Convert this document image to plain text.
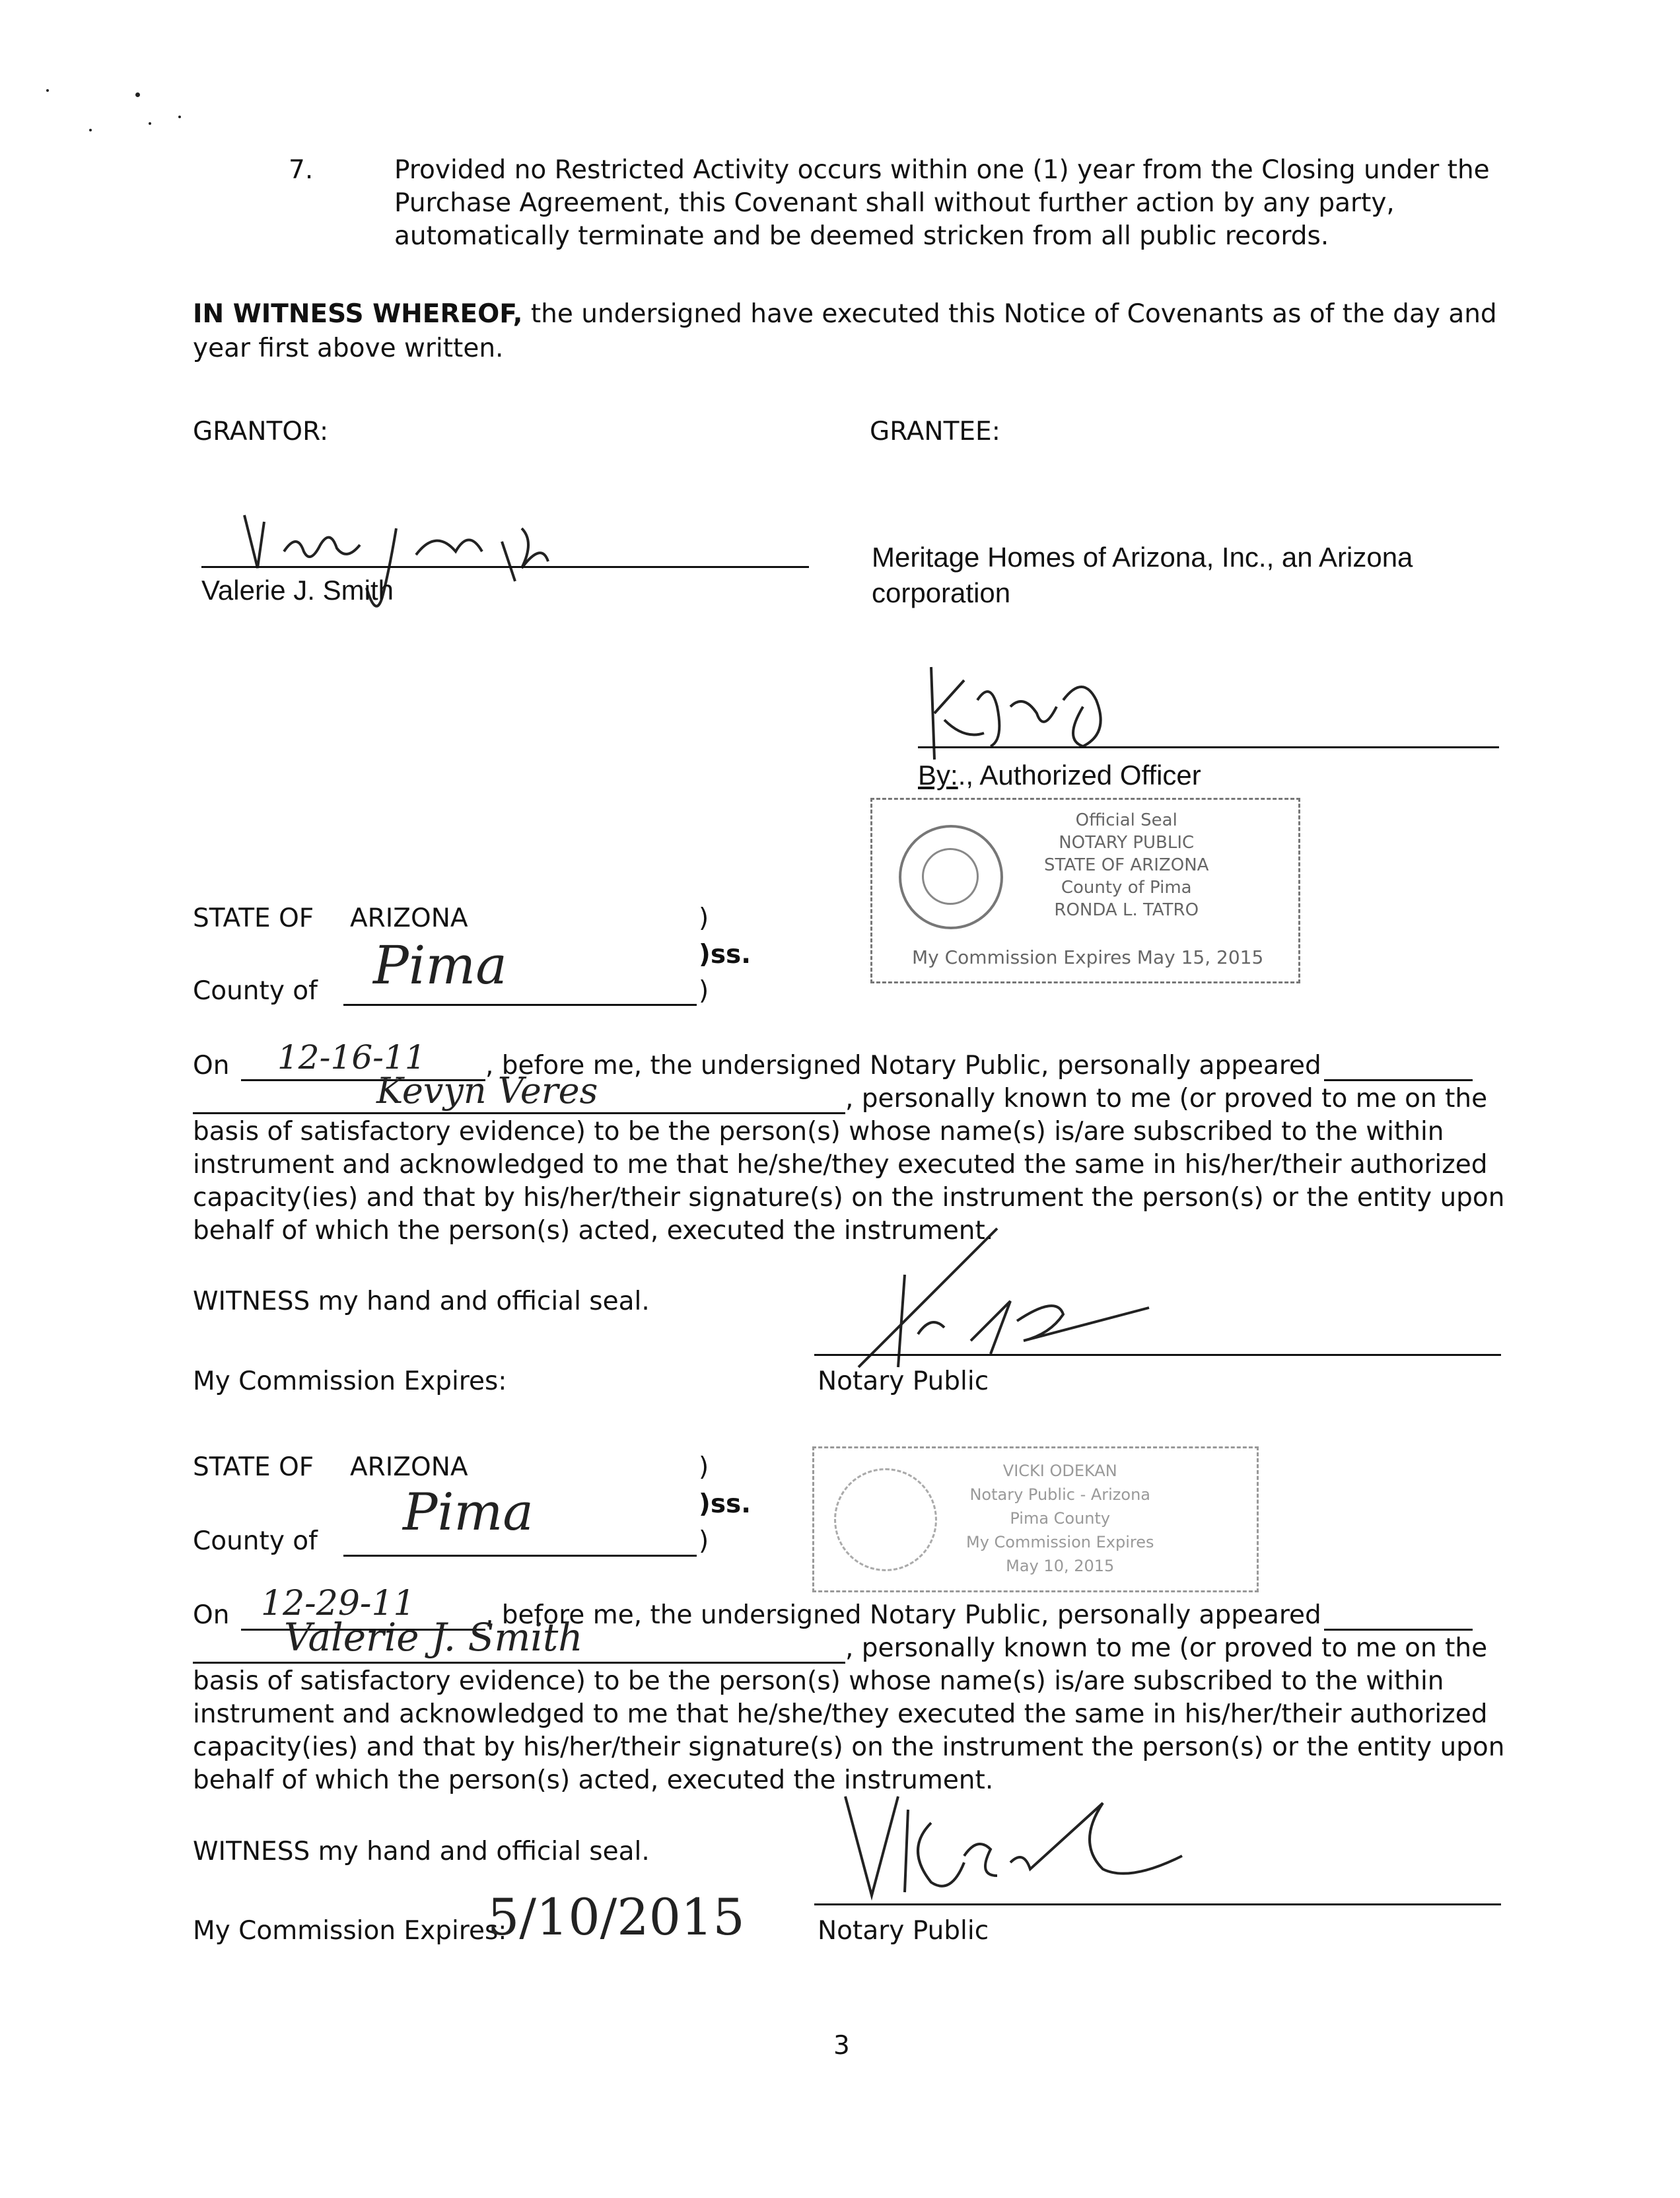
7.	Provided no Restricted Activity occurs within one (1) year from the Closing under the
Purchase Agreement, this Covenant shall without further action by any party,
automatically terminate and be deemed stricken from all public records.
IN WITNESS WHEREOF, the undersigned have executed this Notice of Covenants as of the day and
year first above written.
GRANTOR:	GRANTEE:
Valerie J. Smith
Meritage Homes of Arizona, Inc., an Arizona
corporation
By:., Authorized Officer
Official Seal
NOTARY PUBLIC
STATE OF ARIZONA
County of Pima
RONDA L. TATRO
My Commission Expires May 15, 2015
STATE OF ARIZONA	)
)ss.
County of Pima	)
On 12-16-11 , before me, the undersigned Notary Public, personally appeared
Kevyn Veres	, personally known to me (or proved to me on the
basis of satisfactory evidence) to be the person(s) whose name(s) is/are subscribed to the within
instrument and acknowledged to me that he/she/they executed the same in his/her/their authorized
capacity(ies) and that by his/her/their signature(s) on the instrument the person(s) or the entity upon
behalf of which the person(s) acted, executed the instrument.
WITNESS my hand and official seal.
My Commission Expires:	Notary Public
VICKI ODEKAN
Notary Public - Arizona
Pima County
My Commission Expires
May 10, 2015
STATE OF ARIZONA	)
)ss.
County of Pima	)
On 12-29-11	, before me, the undersigned Notary Public, personally appeared
Valerie J. Smith	, personally known to me (or proved to me on the
basis of satisfactory evidence) to be the person(s) whose name(s) is/are subscribed to the within
instrument and acknowledged to me that he/she/they executed the same in his/her/their authorized
capacity(ies) and that by his/her/their signature(s) on the instrument the person(s) or the entity upon
behalf of which the person(s) acted, executed the instrument.
WITNESS my hand and official seal.
My Commission Expires:
5/10/2015	Notary Public
3
